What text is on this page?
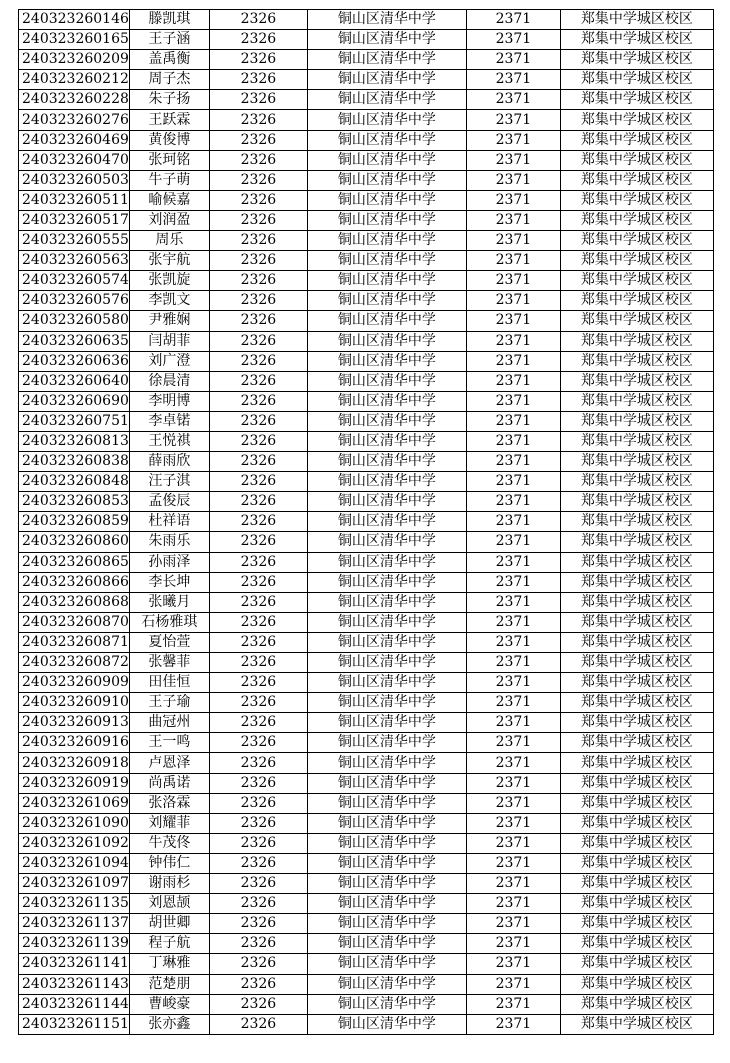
240323260146	滕凯琪	2326	铜山区清华中学	2371	郑集中学城区校区
240323260165	王子涵	2326	铜山区清华中学	2371	郑集中学城区校区
240323260209	盖禹衡	2326	铜山区清华中学	2371	郑集中学城区校区
240323260212	周子杰	2326	铜山区清华中学	2371	郑集中学城区校区
240323260228	朱子扬	2326	铜山区清华中学	2371	郑集中学城区校区
240323260276	王跃霖	2326	铜山区清华中学	2371	郑集中学城区校区
240323260469	黄俊博	2326	铜山区清华中学	2371	郑集中学城区校区
240323260470	张珂铭	2326	铜山区清华中学	2371	郑集中学城区校区
240323260503	牛子萌	2326	铜山区清华中学	2371	郑集中学城区校区
240323260511	喻候嘉	2326	铜山区清华中学	2371	郑集中学城区校区
240323260517	刘润盈	2326	铜山区清华中学	2371	郑集中学城区校区
240323260555	周乐	2326	铜山区清华中学	2371	郑集中学城区校区
240323260563	张宇航	2326	铜山区清华中学	2371	郑集中学城区校区
240323260574	张凯旋	2326	铜山区清华中学	2371	郑集中学城区校区
240323260576	李凯文	2326	铜山区清华中学	2371	郑集中学城区校区
240323260580	尹雅娴	2326	铜山区清华中学	2371	郑集中学城区校区
240323260635	闫胡菲	2326	铜山区清华中学	2371	郑集中学城区校区
240323260636	刘广澄	2326	铜山区清华中学	2371	郑集中学城区校区
240323260640	徐晨清	2326	铜山区清华中学	2371	郑集中学城区校区
240323260690	李明博	2326	铜山区清华中学	2371	郑集中学城区校区
240323260751	李卓锘	2326	铜山区清华中学	2371	郑集中学城区校区
240323260813	王悦祺	2326	铜山区清华中学	2371	郑集中学城区校区
240323260838	薛雨欣	2326	铜山区清华中学	2371	郑集中学城区校区
240323260848	汪子淇	2326	铜山区清华中学	2371	郑集中学城区校区
240323260853	孟俊辰	2326	铜山区清华中学	2371	郑集中学城区校区
240323260859	杜祥语	2326	铜山区清华中学	2371	郑集中学城区校区
240323260860	朱雨乐	2326	铜山区清华中学	2371	郑集中学城区校区
240323260865	孙雨泽	2326	铜山区清华中学	2371	郑集中学城区校区
240323260866	李长坤	2326	铜山区清华中学	2371	郑集中学城区校区
240323260868	张曦月	2326	铜山区清华中学	2371	郑集中学城区校区
240323260870	石杨雅琪	2326	铜山区清华中学	2371	郑集中学城区校区
240323260871	夏怡萱	2326	铜山区清华中学	2371	郑集中学城区校区
240323260872	张馨菲	2326	铜山区清华中学	2371	郑集中学城区校区
240323260909	田佳恒	2326	铜山区清华中学	2371	郑集中学城区校区
240323260910	王子瑜	2326	铜山区清华中学	2371	郑集中学城区校区
240323260913	曲冠州	2326	铜山区清华中学	2371	郑集中学城区校区
240323260916	王一鸣	2326	铜山区清华中学	2371	郑集中学城区校区
240323260918	卢恩泽	2326	铜山区清华中学	2371	郑集中学城区校区
240323260919	尚禹诺	2326	铜山区清华中学	2371	郑集中学城区校区
240323261069	张洛霖	2326	铜山区清华中学	2371	郑集中学城区校区
240323261090	刘耀菲	2326	铜山区清华中学	2371	郑集中学城区校区
240323261092	牛茂佟	2326	铜山区清华中学	2371	郑集中学城区校区
240323261094	钟伟仁	2326	铜山区清华中学	2371	郑集中学城区校区
240323261097	谢雨杉	2326	铜山区清华中学	2371	郑集中学城区校区
240323261135	刘恩颉	2326	铜山区清华中学	2371	郑集中学城区校区
240323261137	胡世卿	2326	铜山区清华中学	2371	郑集中学城区校区
240323261139	程子航	2326	铜山区清华中学	2371	郑集中学城区校区
240323261141	丁琳雅	2326	铜山区清华中学	2371	郑集中学城区校区
240323261143	范楚朋	2326	铜山区清华中学	2371	郑集中学城区校区
240323261144	曹峻豪	2326	铜山区清华中学	2371	郑集中学城区校区
240323261151	张亦鑫	2326	铜山区清华中学	2371	郑集中学城区校区
